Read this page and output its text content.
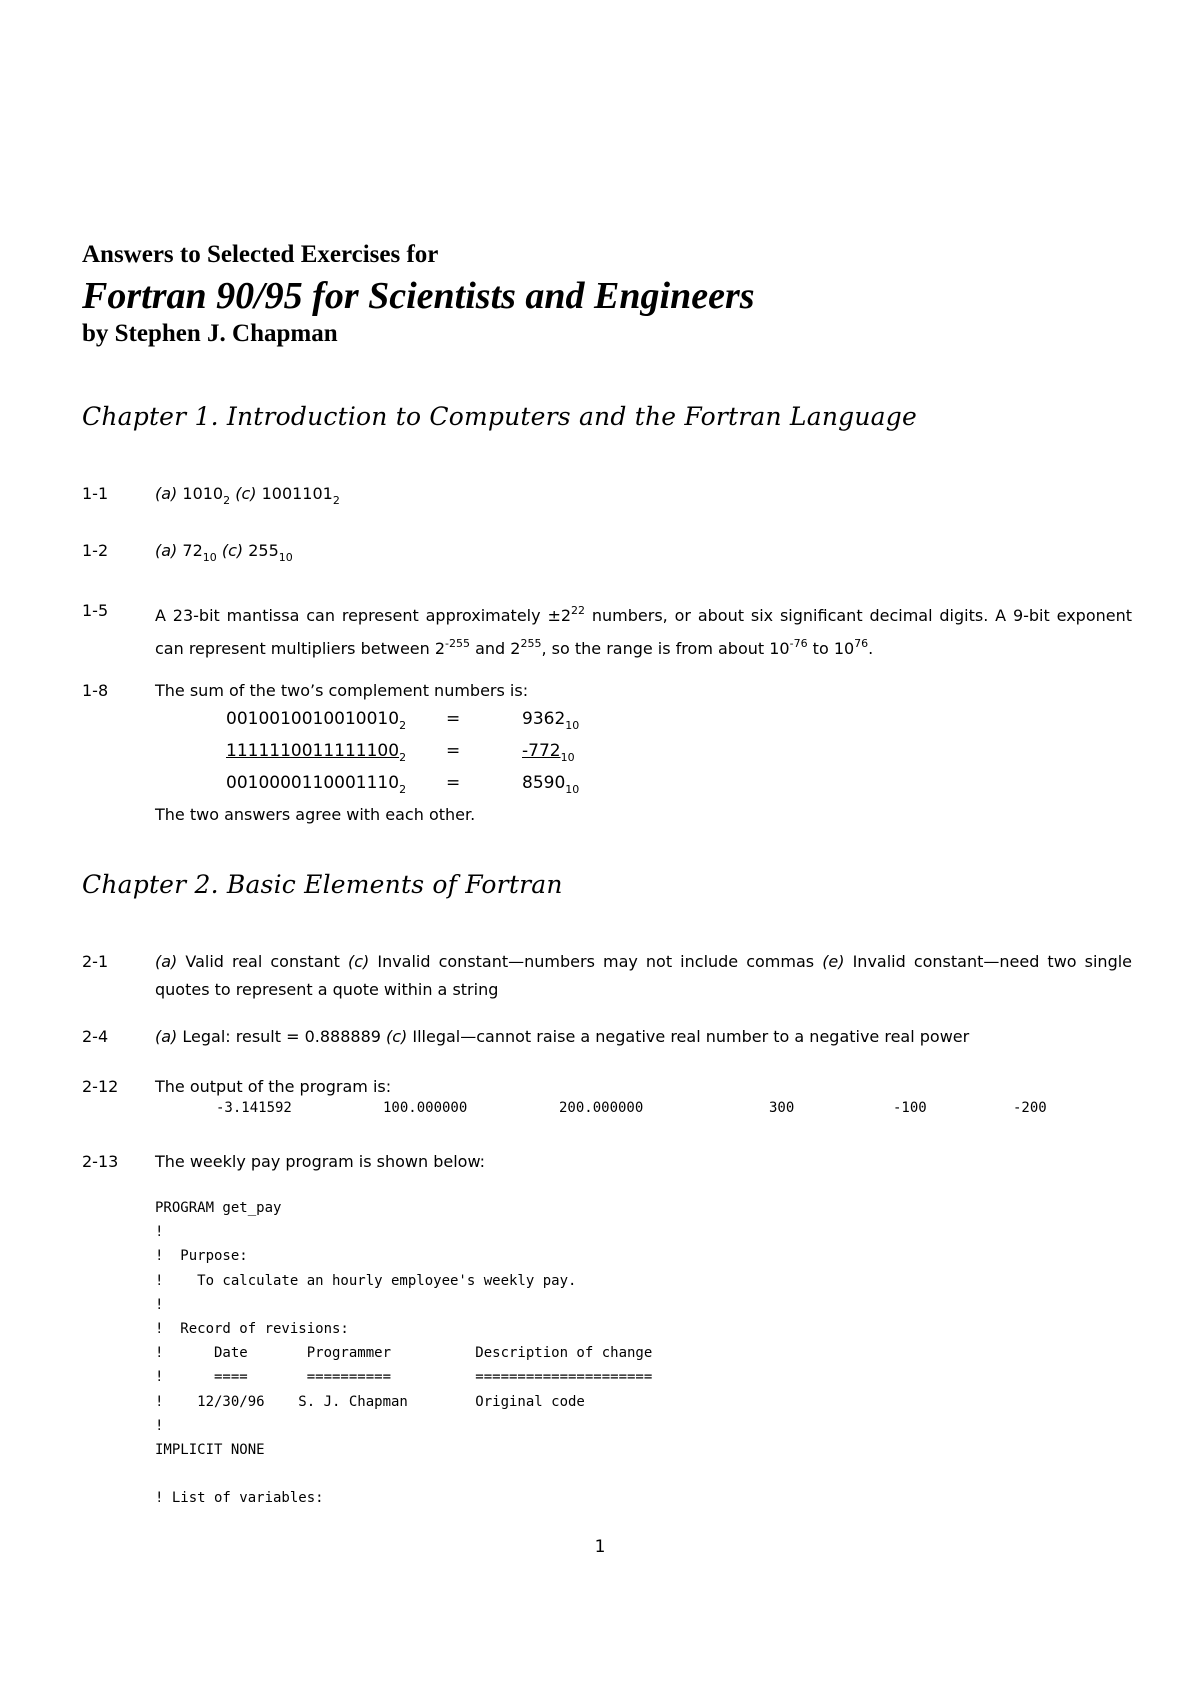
Answers to Selected Exercises for
Fortran 90/95 for Scientists and Engineers
by Stephen J. Chapman
Chapter 1. Introduction to Computers and the Fortran Language
1-1	(a) $1010_2$ (c) $1001101_2$
1-2	(a) $72_{10}$ (c) $255_{10}$
1-5	A 23-bit mantissa can represent approximately $\pm 2^{22}$ numbers, or about six significant decimal digits. A 9-bit exponent can represent multipliers between $2^{-255}$ and $2^{255}$, so the range is from about $10^{-76}$ to $10^{76}$.
1-8	The sum of the two’s complement numbers is:
$0010010010010010_2$ =	$9362_{10}$
$1111110011111100_2$ =	$-772_{10}$
$0010000110001110_2$ =	$8590_{10}$
The two answers agree with each other.
Chapter 2. Basic Elements of Fortran
2-1	(a) Valid real constant (c) Invalid constant—numbers may not include commas (e) Invalid constant—need two single quotes to represent a quote within a string
2-4	(a) Legal: result = 0.888889 (c) Illegal—cannot raise a negative real number to a negative real power
2-12 The output of the program is:
-3.141592	100.000000	200.000000	300	-100	-200
2-13 The weekly pay program is shown below:
PROGRAM get_pay
!
!  Purpose:
!    To calculate an hourly employee's weekly pay.
!
!  Record of revisions:
!      Date       Programmer          Description of change
!      ====       ==========          =====================
!    12/30/96    S. J. Chapman        Original code
!
IMPLICIT NONE

! List of variables:
1
